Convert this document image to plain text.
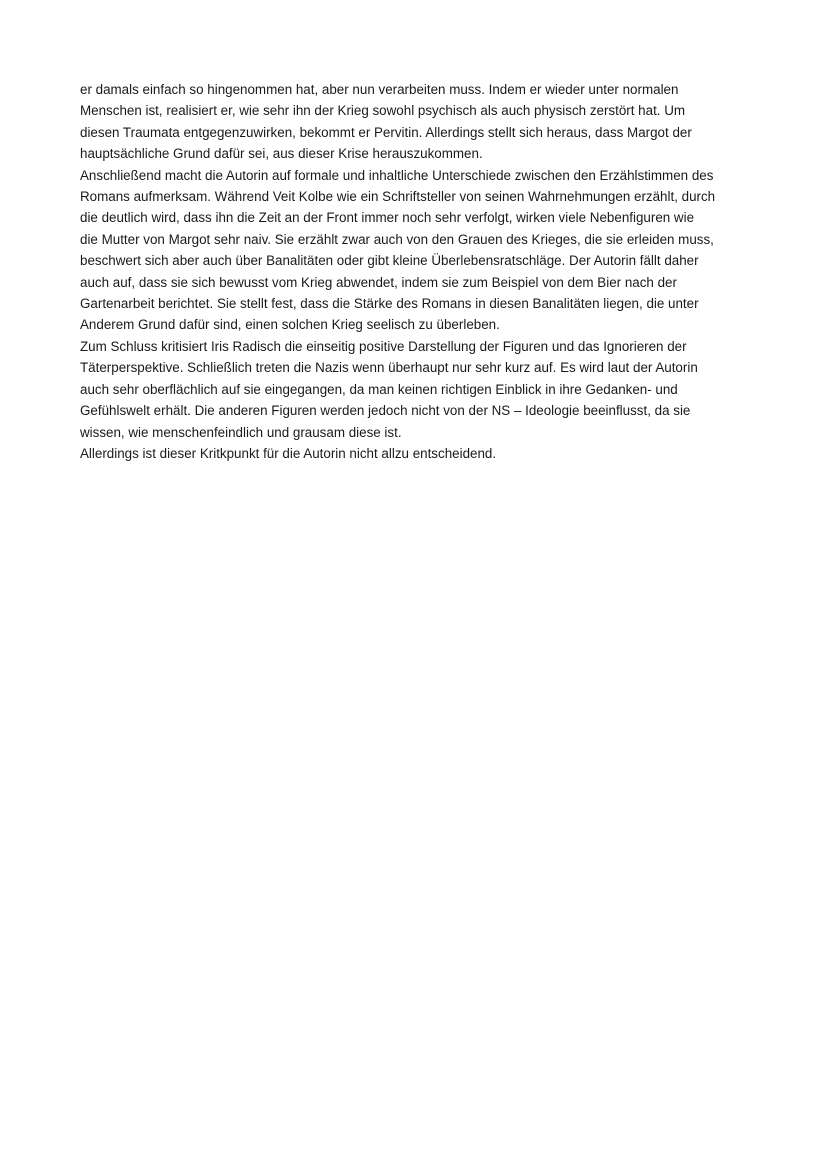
er damals einfach so hingenommen hat, aber nun verarbeiten muss. Indem er wieder unter normalen
Menschen ist, realisiert er, wie sehr ihn der Krieg sowohl psychisch als auch physisch zerstört hat. Um
diesen Traumata entgegenzuwirken, bekommt er Pervitin. Allerdings stellt sich heraus, dass Margot der
hauptsächliche Grund dafür sei, aus dieser Krise herauszukommen.
Anschließend macht die Autorin auf formale und inhaltliche Unterschiede zwischen den Erzählstimmen des
Romans aufmerksam. Während Veit Kolbe wie ein Schriftsteller von seinen Wahrnehmungen erzählt, durch
die deutlich wird, dass ihn die Zeit an der Front immer noch sehr verfolgt, wirken viele Nebenfiguren wie
die Mutter von Margot sehr naiv. Sie erzählt zwar auch von den Grauen des Krieges, die sie erleiden muss,
beschwert sich aber auch über Banalitäten oder gibt kleine Überlebensratschläge. Der Autorin fällt daher
auch auf, dass sie sich bewusst vom Krieg abwendet, indem sie zum Beispiel von dem Bier nach der
Gartenarbeit berichtet. Sie stellt fest, dass die Stärke des Romans in diesen Banalitäten liegen, die unter
Anderem Grund dafür sind, einen solchen Krieg seelisch zu überleben.
Zum Schluss kritisiert Iris Radisch die einseitig positive Darstellung der Figuren und das Ignorieren der
Täterperspektive. Schließlich treten die Nazis wenn überhaupt nur sehr kurz auf. Es wird laut der Autorin
auch sehr oberflächlich auf sie eingegangen, da man keinen richtigen Einblick in ihre Gedanken- und
Gefühlswelt erhält. Die anderen Figuren werden jedoch nicht von der NS – Ideologie beeinflusst, da sie
wissen, wie menschenfeindlich und grausam diese ist.
Allerdings ist dieser Kritkpunkt für die Autorin nicht allzu entscheidend.
